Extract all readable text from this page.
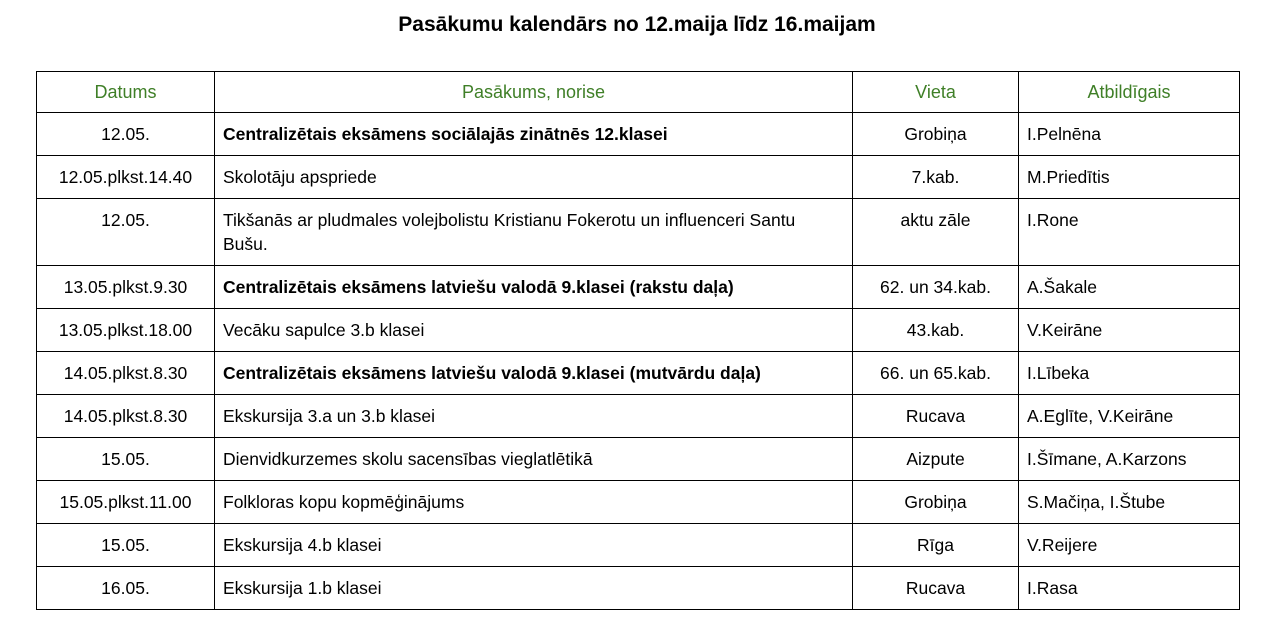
Pasākumu kalendārs no 12.maija līdz 16.maijam
Datums	Pasākums, norise	Vieta	Atbildīgais
12.05.	Centralizētais eksāmens sociālajās zinātnēs 12.klasei	Grobiņa	I.Pelnēna
12.05.plkst.14.40	Skolotāju apspriede	7.kab.	M.Priedītis
12.05.	Tikšanās ar pludmales volejbolistu Kristianu Fokerotu un influenceri Santu Bušu.	aktu zāle	I.Rone
13.05.plkst.9.30	Centralizētais eksāmens latviešu valodā 9.klasei (rakstu daļa)	62. un 34.kab.	A.Šakale
13.05.plkst.18.00	Vecāku sapulce 3.b klasei	43.kab.	V.Keirāne
14.05.plkst.8.30	Centralizētais eksāmens latviešu valodā 9.klasei (mutvārdu daļa)	66. un 65.kab.	I.Lībeka
14.05.plkst.8.30	Ekskursija 3.a un 3.b klasei	Rucava	A.Eglīte, V.Keirāne
15.05.	Dienvidkurzemes skolu sacensības vieglatlētikā	Aizpute	I.Šīmane, A.Karzons
15.05.plkst.11.00	Folkloras kopu kopmēģinājums	Grobiņa	S.Mačiņa, I.Štube
15.05.	Ekskursija 4.b klasei	Rīga	V.Reijere
16.05.	Ekskursija 1.b klasei	Rucava	I.Rasa
